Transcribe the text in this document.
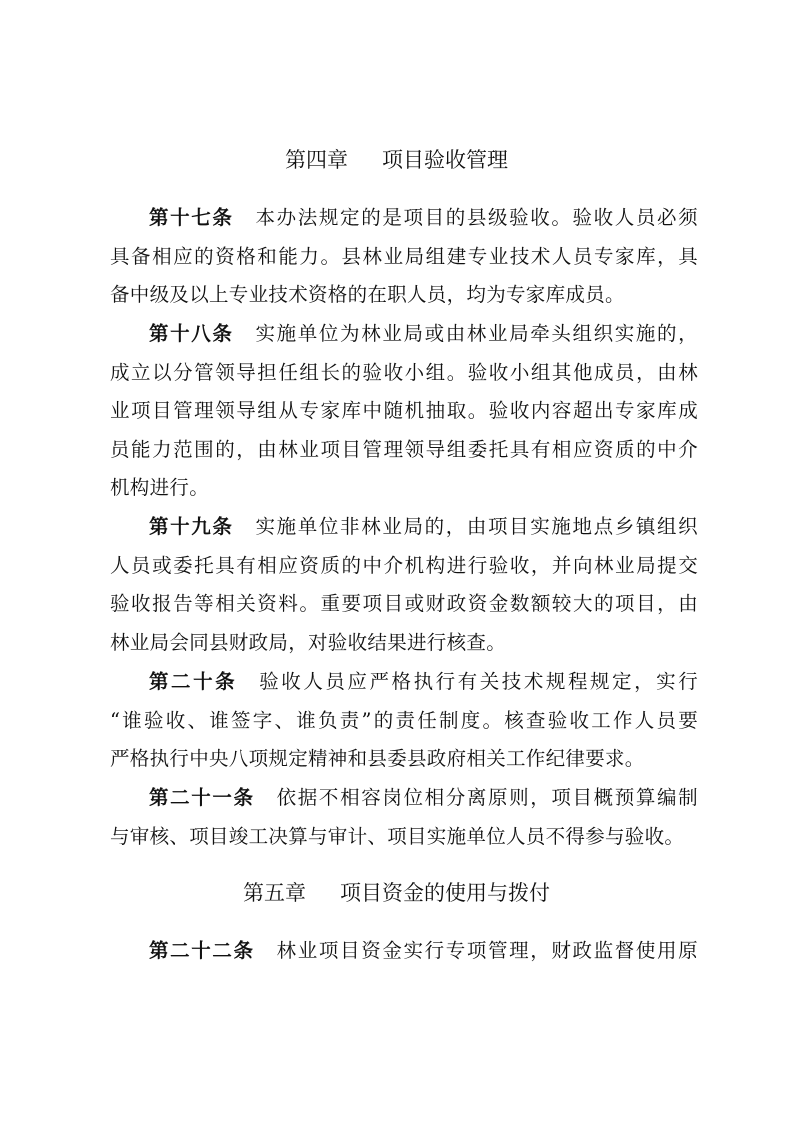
第四章 项目验收管理
第十七条 本办法规定的是项目的县级验收。验收人员必须
具备相应的资格和能力。县林业局组建专业技术人员专家库，具
备中级及以上专业技术资格的在职人员，均为专家库成员。
第十八条 实施单位为林业局或由林业局牵头组织实施的，
成立以分管领导担任组长的验收小组。验收小组其他成员，由林
业项目管理领导组从专家库中随机抽取。验收内容超出专家库成
员能力范围的，由林业项目管理领导组委托具有相应资质的中介
机构进行。
第十九条 实施单位非林业局的，由项目实施地点乡镇组织
人员或委托具有相应资质的中介机构进行验收，并向林业局提交
验收报告等相关资料。重要项目或财政资金数额较大的项目，由
林业局会同县财政局，对验收结果进行核查。
第二十条 验收人员应严格执行有关技术规程规定，实行
“谁验收、谁签字、谁负责”的责任制度。核查验收工作人员要
严格执行中央八项规定精神和县委县政府相关工作纪律要求。
第二十一条 依据不相容岗位相分离原则，项目概预算编制
与审核、项目竣工决算与审计、项目实施单位人员不得参与验收。
第五章 项目资金的使用与拨付
第二十二条 林业项目资金实行专项管理，财政监督使用原
